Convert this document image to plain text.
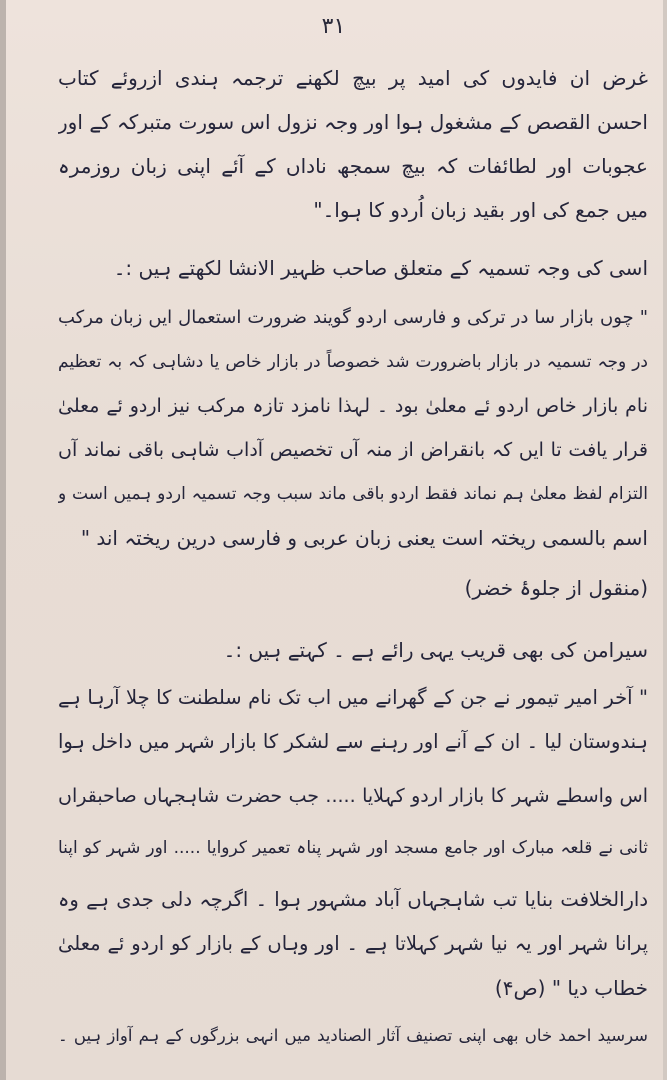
۳۱
غرض ان فایدوں کی امید پر بیچ لکھنے ترجمہ ہندی ازروئے کتاب
احسن القصص کے مشغول ہوا اور وجہ نزول اس سورت متبرکہ کے اور
عجوبات اور لطائفات کہ بیچ سمجھ ناداں کے آئے اپنی زبان روزمرہ
میں جمع کی اور بقید زبان اُردو کا ہوا۔"
اسی کی وجہ تسمیہ کے متعلق صاحب ظہیر الانشا لکھتے ہیں :۔
" چوں بازار سا در ترکی و فارسی اردو گویند ضرورت استعمال ایں زبان مرکب
در وجہ تسمیہ در بازار باضرورت شد خصوصاً در بازار خاص یا دشاہی کہ بہ تعظیم
نام بازار خاص اردو ئے معلیٰ بود ۔ لہذا نامزد تازہ مرکب نیز اردو ئے معلیٰ
قرار یافت تا ایں کہ بانقراض از منہ آں تخصیص آداب شاہی باقی نماند آں
التزام لفظ معلیٰ ہم نماند فقط اردو باقی ماند سبب وجہ تسمیہ اردو ہمیں است و
اسم بالسمی ریختہ است یعنی زبان عربی و فارسی درین ریختہ اند "
(منقول از جلوۂ خضر)
سیرامن کی بھی قریب یہی رائے ہے ۔ کہتے ہیں :۔
" آخر امیر تیمور نے جن کے گھرانے میں اب تک نام سلطنت کا چلا آرہا ہے
ہندوستان لیا ۔ ان کے آنے اور رہنے سے لشکر کا بازار شہر میں داخل ہوا
اس واسطے شہر کا بازار اردو کہلایا ..... جب حضرت شاہجہاں صاحبقراں
ثانی نے قلعہ مبارک اور جامع مسجد اور شہر پناہ تعمیر کروایا ..... اور شہر کو اپنا
دارالخلافت بنایا تب شاہجہاں آباد مشہور ہوا ۔ اگرچہ دلی جدی ہے وہ
پرانا شہر اور یہ نیا شہر کہلاتا ہے ۔ اور وہاں کے بازار کو اردو ئے معلیٰ
خطاب دیا " (ص۴)
سرسید احمد خاں بھی اپنی تصنیف آثار الصنادید میں انہی بزرگوں کے ہم آواز ہیں ۔
